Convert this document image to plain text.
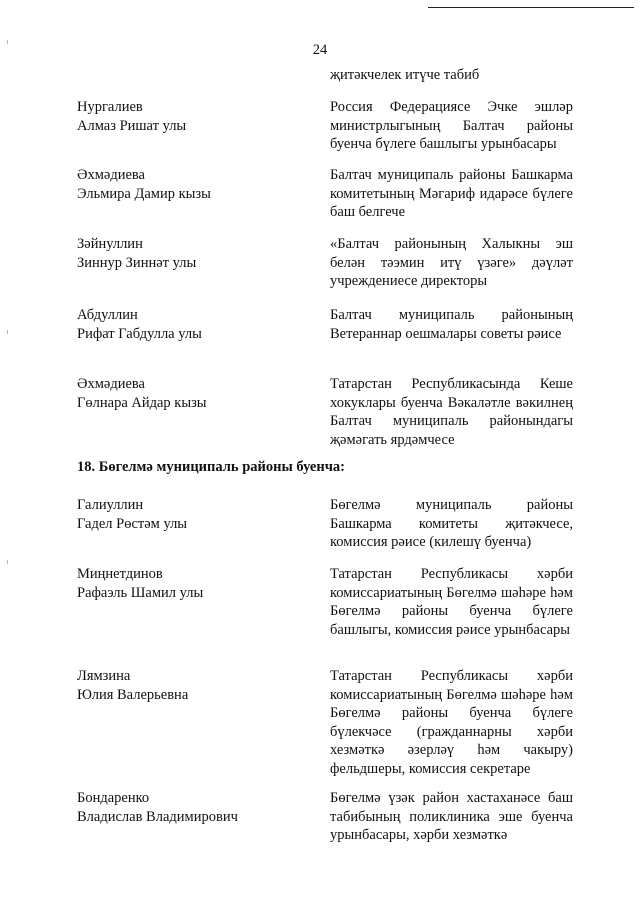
24
җитәкчелек итүче табиб
Нургалиев
Алмаз Ришат улы
Россия Федерациясе Эчке эшләр министрлыгының Балтач районы буенча бүлеге башлыгы урынбасары
Әхмәдиева
Эльмира Дамир кызы
Балтач муниципаль районы Башкарма комитетының Мәгариф идарәсе бүлеге баш белгече
Зәйнуллин
Зиннур Зиннәт улы
«Балтач районының Халыкны эш белән тәэмин итү үзәге» дәүләт учреждениесе директоры
Абдуллин
Рифат Габдулла улы
Балтач муниципаль районының Ветераннар оешмалары советы рәисе
Әхмәдиева
Гөлнара Айдар кызы
Татарстан Республикасында Кеше хокуклары буенча Вәкаләтле вәкилнең Балтач муниципаль районындагы җәмәгать ярдәмчесе
18. Бөгелмә муниципаль районы буенча:
Галиуллин
Гадел Рөстәм улы
Бөгелмә муниципаль районы Башкарма комитеты җитәкчесе, комиссия рәисе (килешү буенча)
Миңнетдинов
Рафаэль Шамил улы
Татарстан Республикасы хәрби комиссариатының Бөгелмә шәһәре һәм Бөгелмә районы буенча бүлеге башлыгы, комиссия рәисе урынбасары
Лямзина
Юлия Валерьевна
Татарстан Республикасы хәрби комиссариатының Бөгелмә шәһәре һәм Бөгелмә районы буенча бүлеге бүлекчәсе (гражданнарны хәрби хезмәткә әзерләү һәм чакыру) фельдшеры, комиссия секретаре
Бондаренко
Владислав Владимирович
Бөгелмә үзәк район хастаханәсе баш табибының поликлиника эше буенча урынбасары, хәрби хезмәткә
